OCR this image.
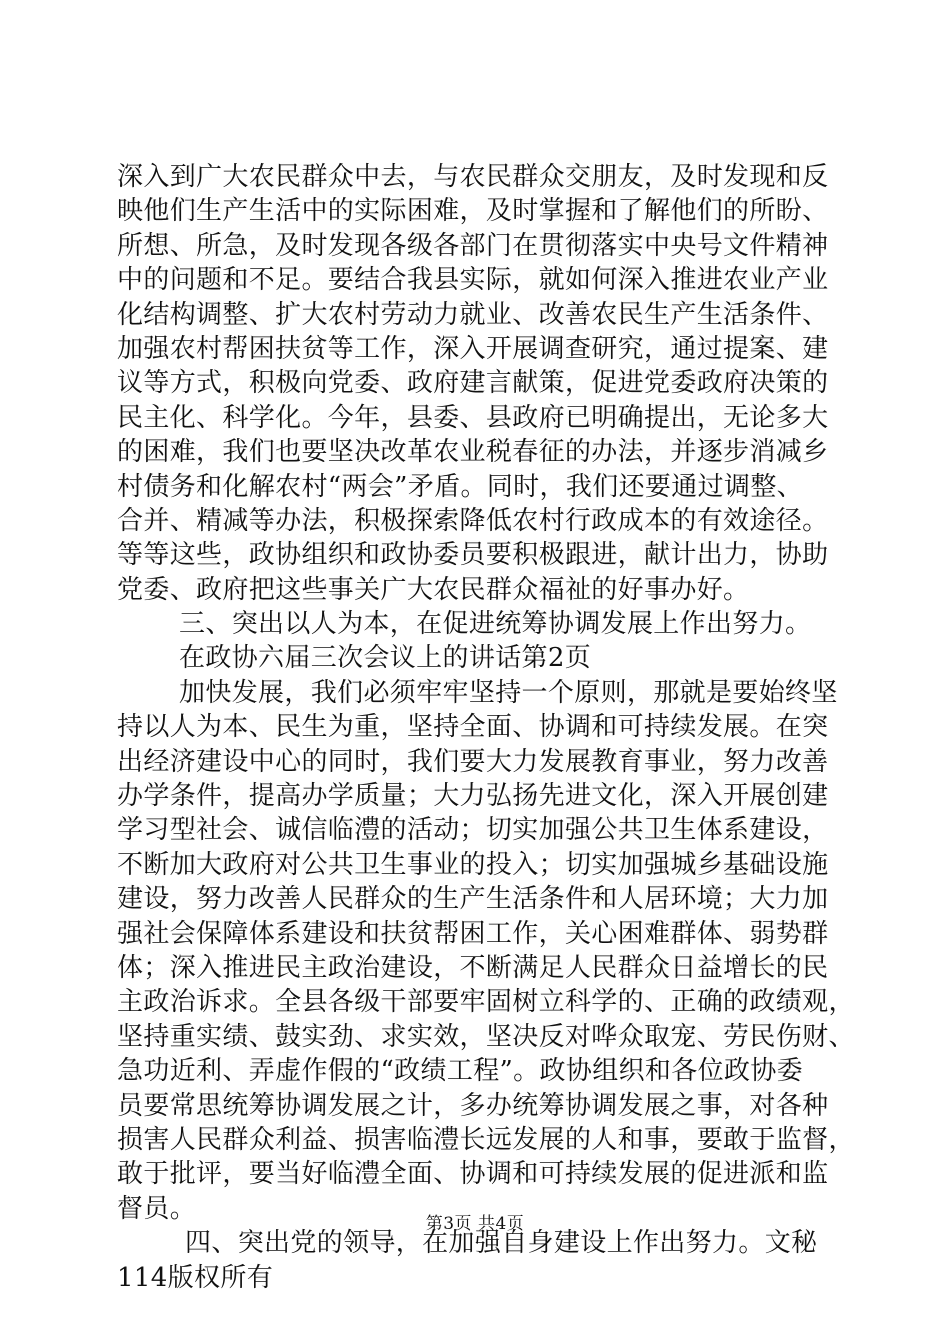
深入到广大农民群众中去，与农民群众交朋友，及时发现和反
映他们生产生活中的实际困难，及时掌握和了解他们的所盼、
所想、所急，及时发现各级各部门在贯彻落实中央号文件精神
中的问题和不足。要结合我县实际，就如何深入推进农业产业
化结构调整、扩大农村劳动力就业、改善农民生产生活条件、
加强农村帮困扶贫等工作，深入开展调查研究，通过提案、建
议等方式，积极向党委、政府建言献策，促进党委政府决策的
民主化、科学化。今年，县委、县政府已明确提出，无论多大
的困难，我们也要坚决改革农业税春征的办法，并逐步消减乡
村债务和化解农村“两会”矛盾。同时，我们还要通过调整、
合并、精减等办法，积极探索降低农村行政成本的有效途径。
等等这些，政协组织和政协委员要积极跟进，献计出力，协助
党委、政府把这些事关广大农民群众福祉的好事办好。
三、突出以人为本，在促进统筹协调发展上作出努力。
在政协六届三次会议上的讲话第2页
加快发展，我们必须牢牢坚持一个原则，那就是要始终坚
持以人为本、民生为重，坚持全面、协调和可持续发展。在突
出经济建设中心的同时，我们要大力发展教育事业，努力改善
办学条件，提高办学质量；大力弘扬先进文化，深入开展创建
学习型社会、诚信临澧的活动；切实加强公共卫生体系建设，
不断加大政府对公共卫生事业的投入；切实加强城乡基础设施
建设，努力改善人民群众的生产生活条件和人居环境；大力加
强社会保障体系建设和扶贫帮困工作，关心困难群体、弱势群
体；深入推进民主政治建设，不断满足人民群众日益增长的民
主政治诉求。全县各级干部要牢固树立科学的、正确的政绩观，
坚持重实绩、鼓实劲、求实效，坚决反对哗众取宠、劳民伤财、
急功近利、弄虚作假的“政绩工程”。政协组织和各位政协委
员要常思统筹协调发展之计，多办统筹协调发展之事，对各种
损害人民群众利益、损害临澧长远发展的人和事，要敢于监督，
敢于批评，要当好临澧全面、协调和可持续发展的促进派和监
督员。
四、突出党的领导，在加强自身建设上作出努力。文秘
114版权所有
第3页 共4页
